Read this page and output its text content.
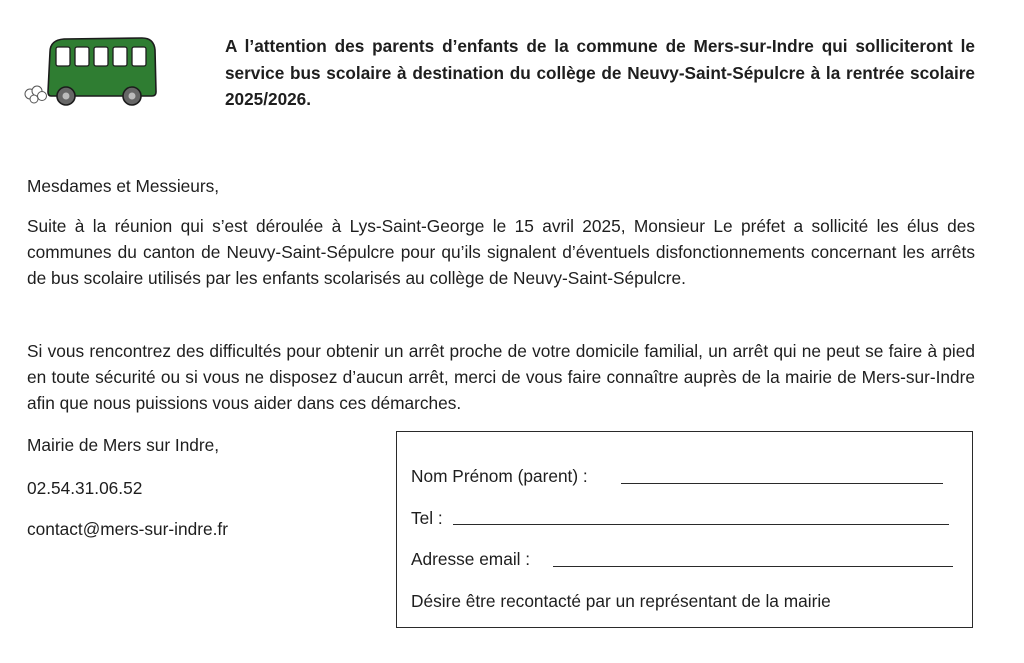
A l’attention des parents d’enfants de la commune de Mers-sur-Indre qui solliciteront le service bus scolaire à destination du collège de Neuvy-Saint-Sépulcre à la rentrée scolaire 2025/2026.

Mesdames et Messieurs,

Suite à la réunion qui s’est déroulée à Lys-Saint-George le 15 avril 2025, Monsieur Le préfet a sollicité les élus des communes du canton de Neuvy-Saint-Sépulcre pour qu’ils signalent d’éventuels disfonctionnements concernant les arrêts de bus scolaire utilisés par les enfants scolarisés au collège de Neuvy-Saint-Sépulcre.

Si vous rencontrez des difficultés pour obtenir un arrêt proche de votre domicile familial, un arrêt qui ne peut se faire à pied en toute sécurité ou si vous ne disposez d’aucun arrêt, merci de vous faire connaître auprès de la mairie de Mers-sur-Indre afin que nous puissions vous aider dans ces démarches.

Mairie de Mers sur Indre,

02.54.31.06.52

contact@mers-sur-indre.fr

Nom Prénom (parent) :
Tel :
Adresse email :
Désire être recontacté par un représentant de la mairie
